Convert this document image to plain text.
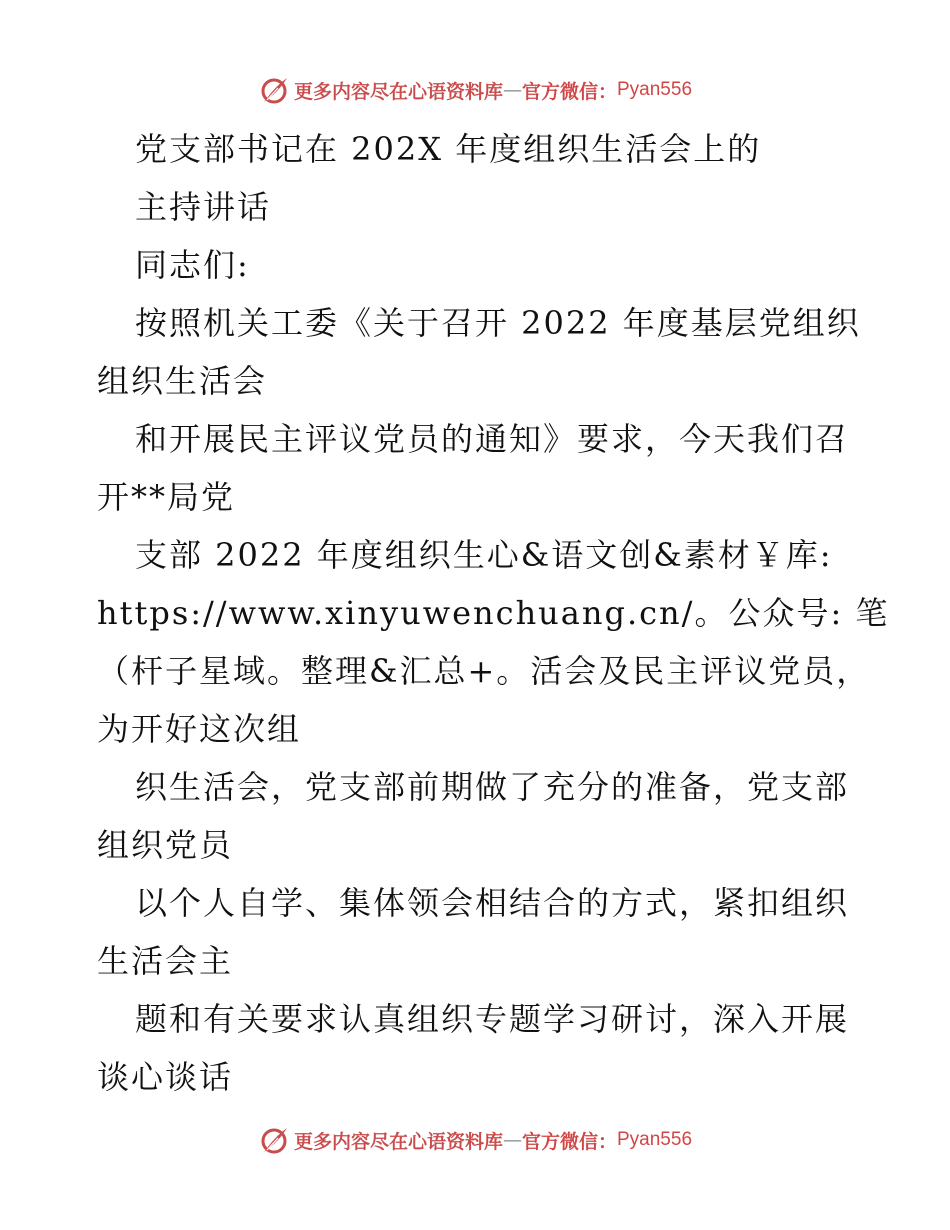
更多内容尽在心语资料库 — 官方微信： Pyan556
党支部书记在 202X 年度组织生活会上的
主持讲话
同志们:
按照机关工委《关于召开 2022 年度基层党组织
组织生活会
和开展民主评议党员的通知》要求，今天我们召
开**局党
支部 2022 年度组织生心&语文创&素材￥库:
https://www.xinyuwenchuang.cn/。公众号: 笔
（杆子星域。整理&汇总+。活会及民主评议党员，
为开好这次组
织生活会，党支部前期做了充分的准备，党支部
组织党员
以个人自学、集体领会相结合的方式，紧扣组织
生活会主
题和有关要求认真组织专题学习研讨，深入开展
谈心谈话
更多内容尽在心语资料库 — 官方微信： Pyan556
